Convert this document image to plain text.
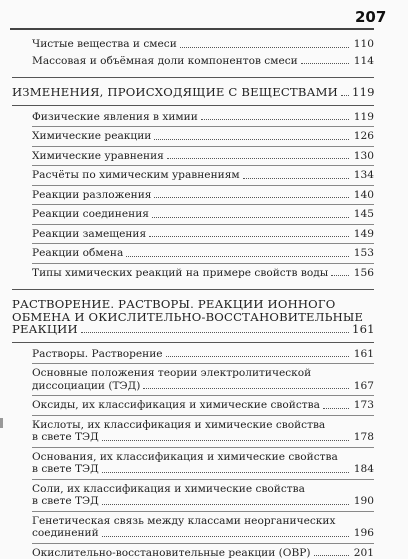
207
Чистые вещества и смеси	110
Массовая и объёмная доли компонентов смеси	114
ИЗМЕНЕНИЯ, ПРОИСХОДЯЩИЕ С ВЕЩЕСТВАМИ 119
Физические явления в химии	119
Химические реакции	126
Химические уравнения	130
Расчёты по химическим уравнениям	134
Реакции разложения	140
Реакции соединения	145
Реакции замещения	149
Реакции обмена	153
Типы химических реакций на примере свойств воды 156
РАСТВОРЕНИЕ. РАСТВОРЫ. РЕАКЦИИ ИОННОГО
ОБМЕНА И ОКИСЛИТЕЛЬНО-ВОССТАНОВИТЕЛЬНЫЕ
РЕАКЦИИ	161
Растворы. Растворение	161
Основные положения теории электролитической
диссоциации (ТЭД)	167
Оксиды, их классификация и химические свойства	173
Кислоты, их классификация и химические свойства
в свете ТЭД	178
Основания, их классификация и химические свойства
в свете ТЭД	184
Соли, их классификация и химические свойства
в свете ТЭД	190
Генетическая связь между классами неорганических
соединений	196
Окислительно-восстановительные реакции (ОВР)	201
